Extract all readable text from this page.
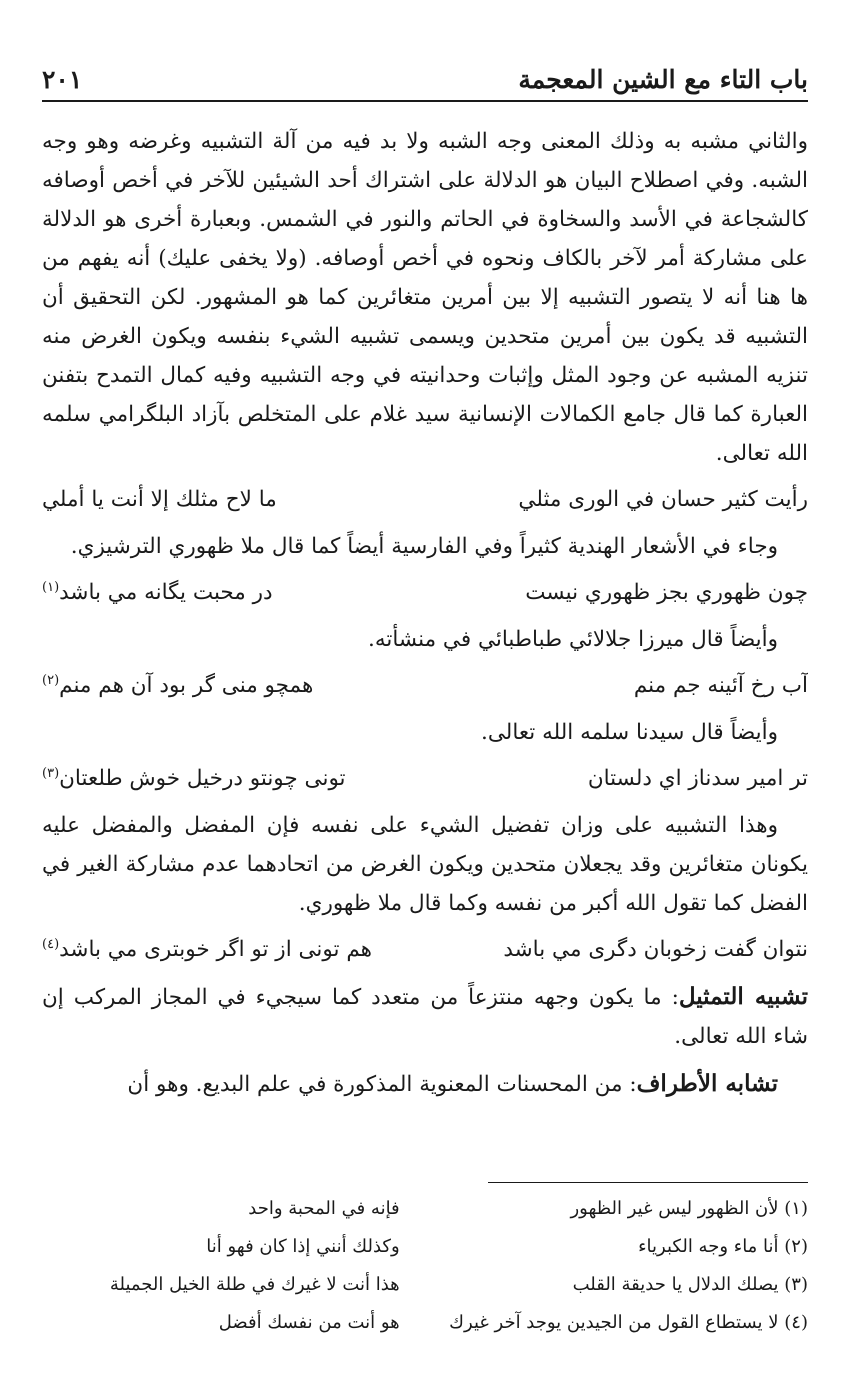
باب التاء مع الشين المعجمة
٢٠١

والثاني مشبه به وذلك المعنى وجه الشبه ولا بد فيه من آلة التشبيه وغرضه وهو وجه الشبه. وفي اصطلاح البيان هو الدلالة على اشتراك أحد الشيئين للآخر في أخص أوصافه كالشجاعة في الأسد والسخاوة في الحاتم والنور في الشمس. وبعبارة أخرى هو الدلالة على مشاركة أمر لآخر بالكاف ونحوه في أخص أوصافه. (ولا يخفى عليك) أنه يفهم من ها هنا أنه لا يتصور التشبيه إلا بين أمرين متغائرين كما هو المشهور. لكن التحقيق أن التشبيه قد يكون بين أمرين متحدين ويسمى تشبيه الشيء بنفسه ويكون الغرض منه تنزيه المشبه عن وجود المثل وإثبات وحدانيته في وجه التشبيه وفيه كمال التمدح بتفنن العبارة كما قال جامع الكمالات الإنسانية سيد غلام على المتخلص بآزاد البلگرامي سلمه الله تعالى.

رأيت كثير حسان في الورى مثلي
ما لاح مثلك إلا أنت يا أملي

وجاء في الأشعار الهندية كثيراً وفي الفارسية أيضاً كما قال ملا ظهوري الترشيزي.

چون ظهوري بجز ظهوري نيست
در محبت يگانه مي باشد$^{(١)}$

وأيضاً قال ميرزا جلالائي طباطبائي في منشأته.

آب رخ آئينه جم منم
همچو منى گر بود آن هم منم$^{(٢)}$

وأيضاً قال سيدنا سلمه الله تعالى.

تر امير سدناز اي دلستان
تونى چونتو درخيل خوش طلعتان$^{(٣)}$

وهذا التشبيه على وزان تفضيل الشيء على نفسه فإن المفضل والمفضل عليه يكونان متغائرين وقد يجعلان متحدين ويكون الغرض من اتحادهما عدم مشاركة الغير في الفضل كما تقول الله أكبر من نفسه وكما قال ملا ظهوري.

نتوان گفت زخوبان دگرى مي باشد
هم تونى از تو اگر خوبترى مي باشد$^{(٤)}$

تشبيه التمثيل: ما يكون وجهه منتزعاً من متعدد كما سيجيء في المجاز المركب إن شاء الله تعالى.

تشابه الأطراف: من المحسنات المعنوية المذكورة في علم البديع. وهو أن

(١) لأن الظهور ليس غير الظهور
فإنه في المحبة واحد
(٢) أنا ماء وجه الكبرياء
وكذلك أنني إذا كان فهو أنا
(٣) يصلك الدلال يا حديقة القلب
هذا أنت لا غيرك في طلة الخيل الجميلة
(٤) لا يستطاع القول من الجيدين يوجد آخر غيرك
هو أنت من نفسك أفضل
